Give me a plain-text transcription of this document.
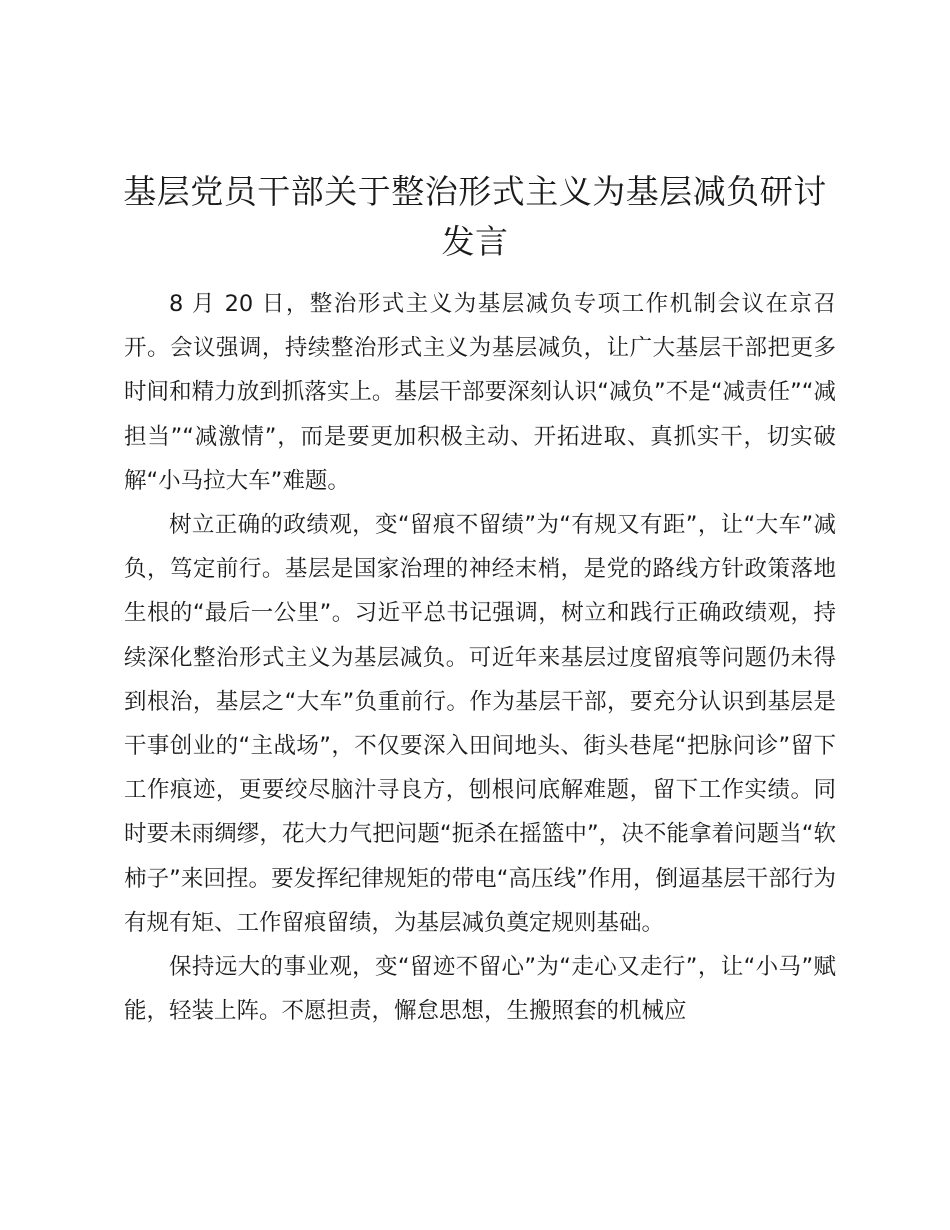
基层党员干部关于整治形式主义为基层减负研讨发言

8 月 20 日，整治形式主义为基层减负专项工作机制会议在京召开。会议强调，持续整治形式主义为基层减负，让广大基层干部把更多时间和精力放到抓落实上。基层干部要深刻认识“减负”不是“减责任”“减担当”“减激情”，而是要更加积极主动、开拓进取、真抓实干，切实破解“小马拉大车”难题。

树立正确的政绩观，变“留痕不留绩”为“有规又有距”，让“大车”减负，笃定前行。基层是国家治理的神经末梢，是党的路线方针政策落地生根的“最后一公里”。习近平总书记强调，树立和践行正确政绩观，持续深化整治形式主义为基层减负。可近年来基层过度留痕等问题仍未得到根治，基层之“大车”负重前行。作为基层干部，要充分认识到基层是干事创业的“主战场”，不仅要深入田间地头、街头巷尾“把脉问诊”留下工作痕迹，更要绞尽脑汁寻良方，刨根问底解难题，留下工作实绩。同时要未雨绸缪，花大力气把问题“扼杀在摇篮中”，决不能拿着问题当“软柿子”来回捏。要发挥纪律规矩的带电“高压线”作用，倒逼基层干部行为有规有矩、工作留痕留绩，为基层减负奠定规则基础。

保持远大的事业观，变“留迹不留心”为“走心又走行”，让“小马”赋能，轻装上阵。不愿担责，懈怠思想，生搬照套的机械应
